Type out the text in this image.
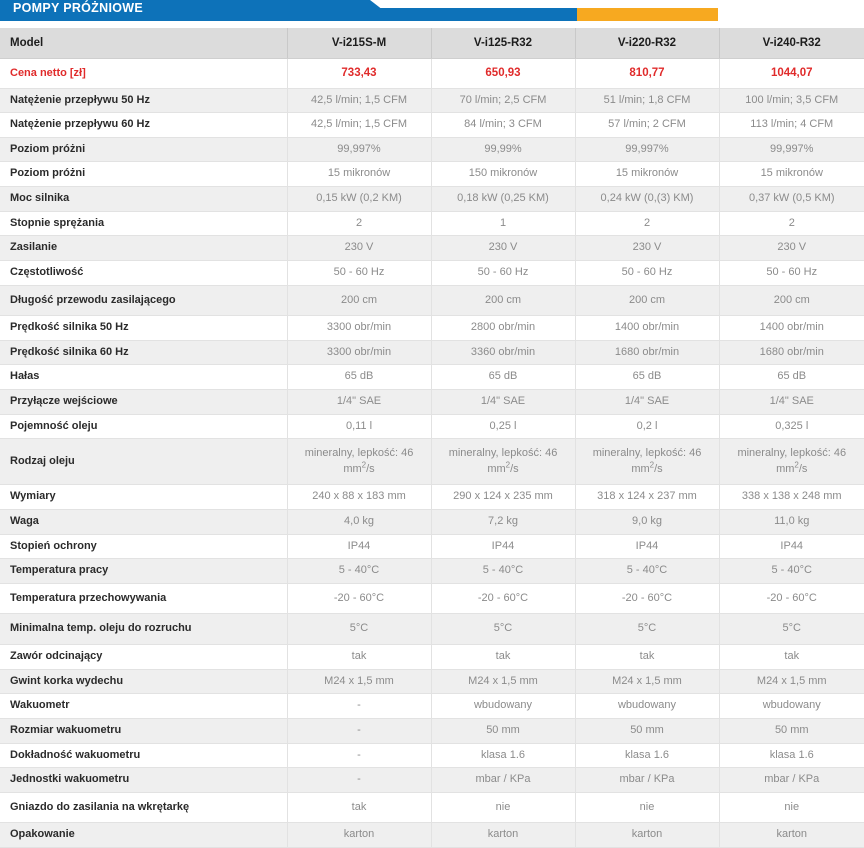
POMPY PRÓŻNIOWE
Model	V-i215S-M	V-i125-R32	V-i220-R32	V-i240-R32
Cena netto [zł]	733,43	650,93	810,77	1044,07
Natężenie przepływu 50 Hz	42,5 l/min; 1,5 CFM	70 l/min; 2,5 CFM	51 l/min; 1,8 CFM	100 l/min; 3,5 CFM
Natężenie przepływu 60 Hz	42,5 l/min; 1,5 CFM	84 l/min; 3 CFM	57 l/min; 2 CFM	113 l/min; 4 CFM
Poziom próżni	99,997%	99,99%	99,997%	99,997%
Poziom próżni	15 mikronów	150 mikronów	15 mikronów	15 mikronów
Moc silnika	0,15 kW (0,2 KM)	0,18 kW (0,25 KM)	0,24 kW (0,(3) KM)	0,37 kW (0,5 KM)
Stopnie sprężania	2	1	2	2
Zasilanie	230 V	230 V	230 V	230 V
Częstotliwość	50 - 60 Hz	50 - 60 Hz	50 - 60 Hz	50 - 60 Hz
Długość przewodu zasilającego	200 cm	200 cm	200 cm	200 cm
Prędkość silnika 50 Hz	3300 obr/min	2800 obr/min	1400 obr/min	1400 obr/min
Prędkość silnika 60 Hz	3300 obr/min	3360 obr/min	1680 obr/min	1680 obr/min
Hałas	65 dB	65 dB	65 dB	65 dB
Przyłącze wejściowe	1/4" SAE	1/4" SAE	1/4" SAE	1/4" SAE
Pojemność oleju	0,11 l	0,25 l	0,2 l	0,325 l
Rodzaj oleju	mineralny, lepkość: 46 $mm^2/s$	mineralny, lepkość: 46 $mm^2/s$	mineralny, lepkość: 46 $mm^2/s$	mineralny, lepkość: 46 $mm^2/s$
Wymiary	240 x 88 x 183 mm	290 x 124 x 235 mm	318 x 124 x 237 mm	338 x 138 x 248 mm
Waga	4,0 kg	7,2 kg	9,0 kg	11,0 kg
Stopień ochrony	IP44	IP44	IP44	IP44
Temperatura pracy	5 - 40°C	5 - 40°C	5 - 40°C	5 - 40°C
Temperatura przechowywania	-20 - 60°C	-20 - 60°C	-20 - 60°C	-20 - 60°C
Minimalna temp. oleju do rozruchu	5°C	5°C	5°C	5°C
Zawór odcinający	tak	tak	tak	tak
Gwint korka wydechu	M24 x 1,5 mm	M24 x 1,5 mm	M24 x 1,5 mm	M24 x 1,5 mm
Wakuometr	-	wbudowany	wbudowany	wbudowany
Rozmiar wakuometru	-	50 mm	50 mm	50 mm
Dokładność wakuometru	-	klasa 1.6	klasa 1.6	klasa 1.6
Jednostki wakuometru	-	mbar / KPa	mbar / KPa	mbar / KPa
Gniazdo do zasilania na wkrętarkę	tak	nie	nie	nie
Opakowanie	karton	karton	karton	karton
